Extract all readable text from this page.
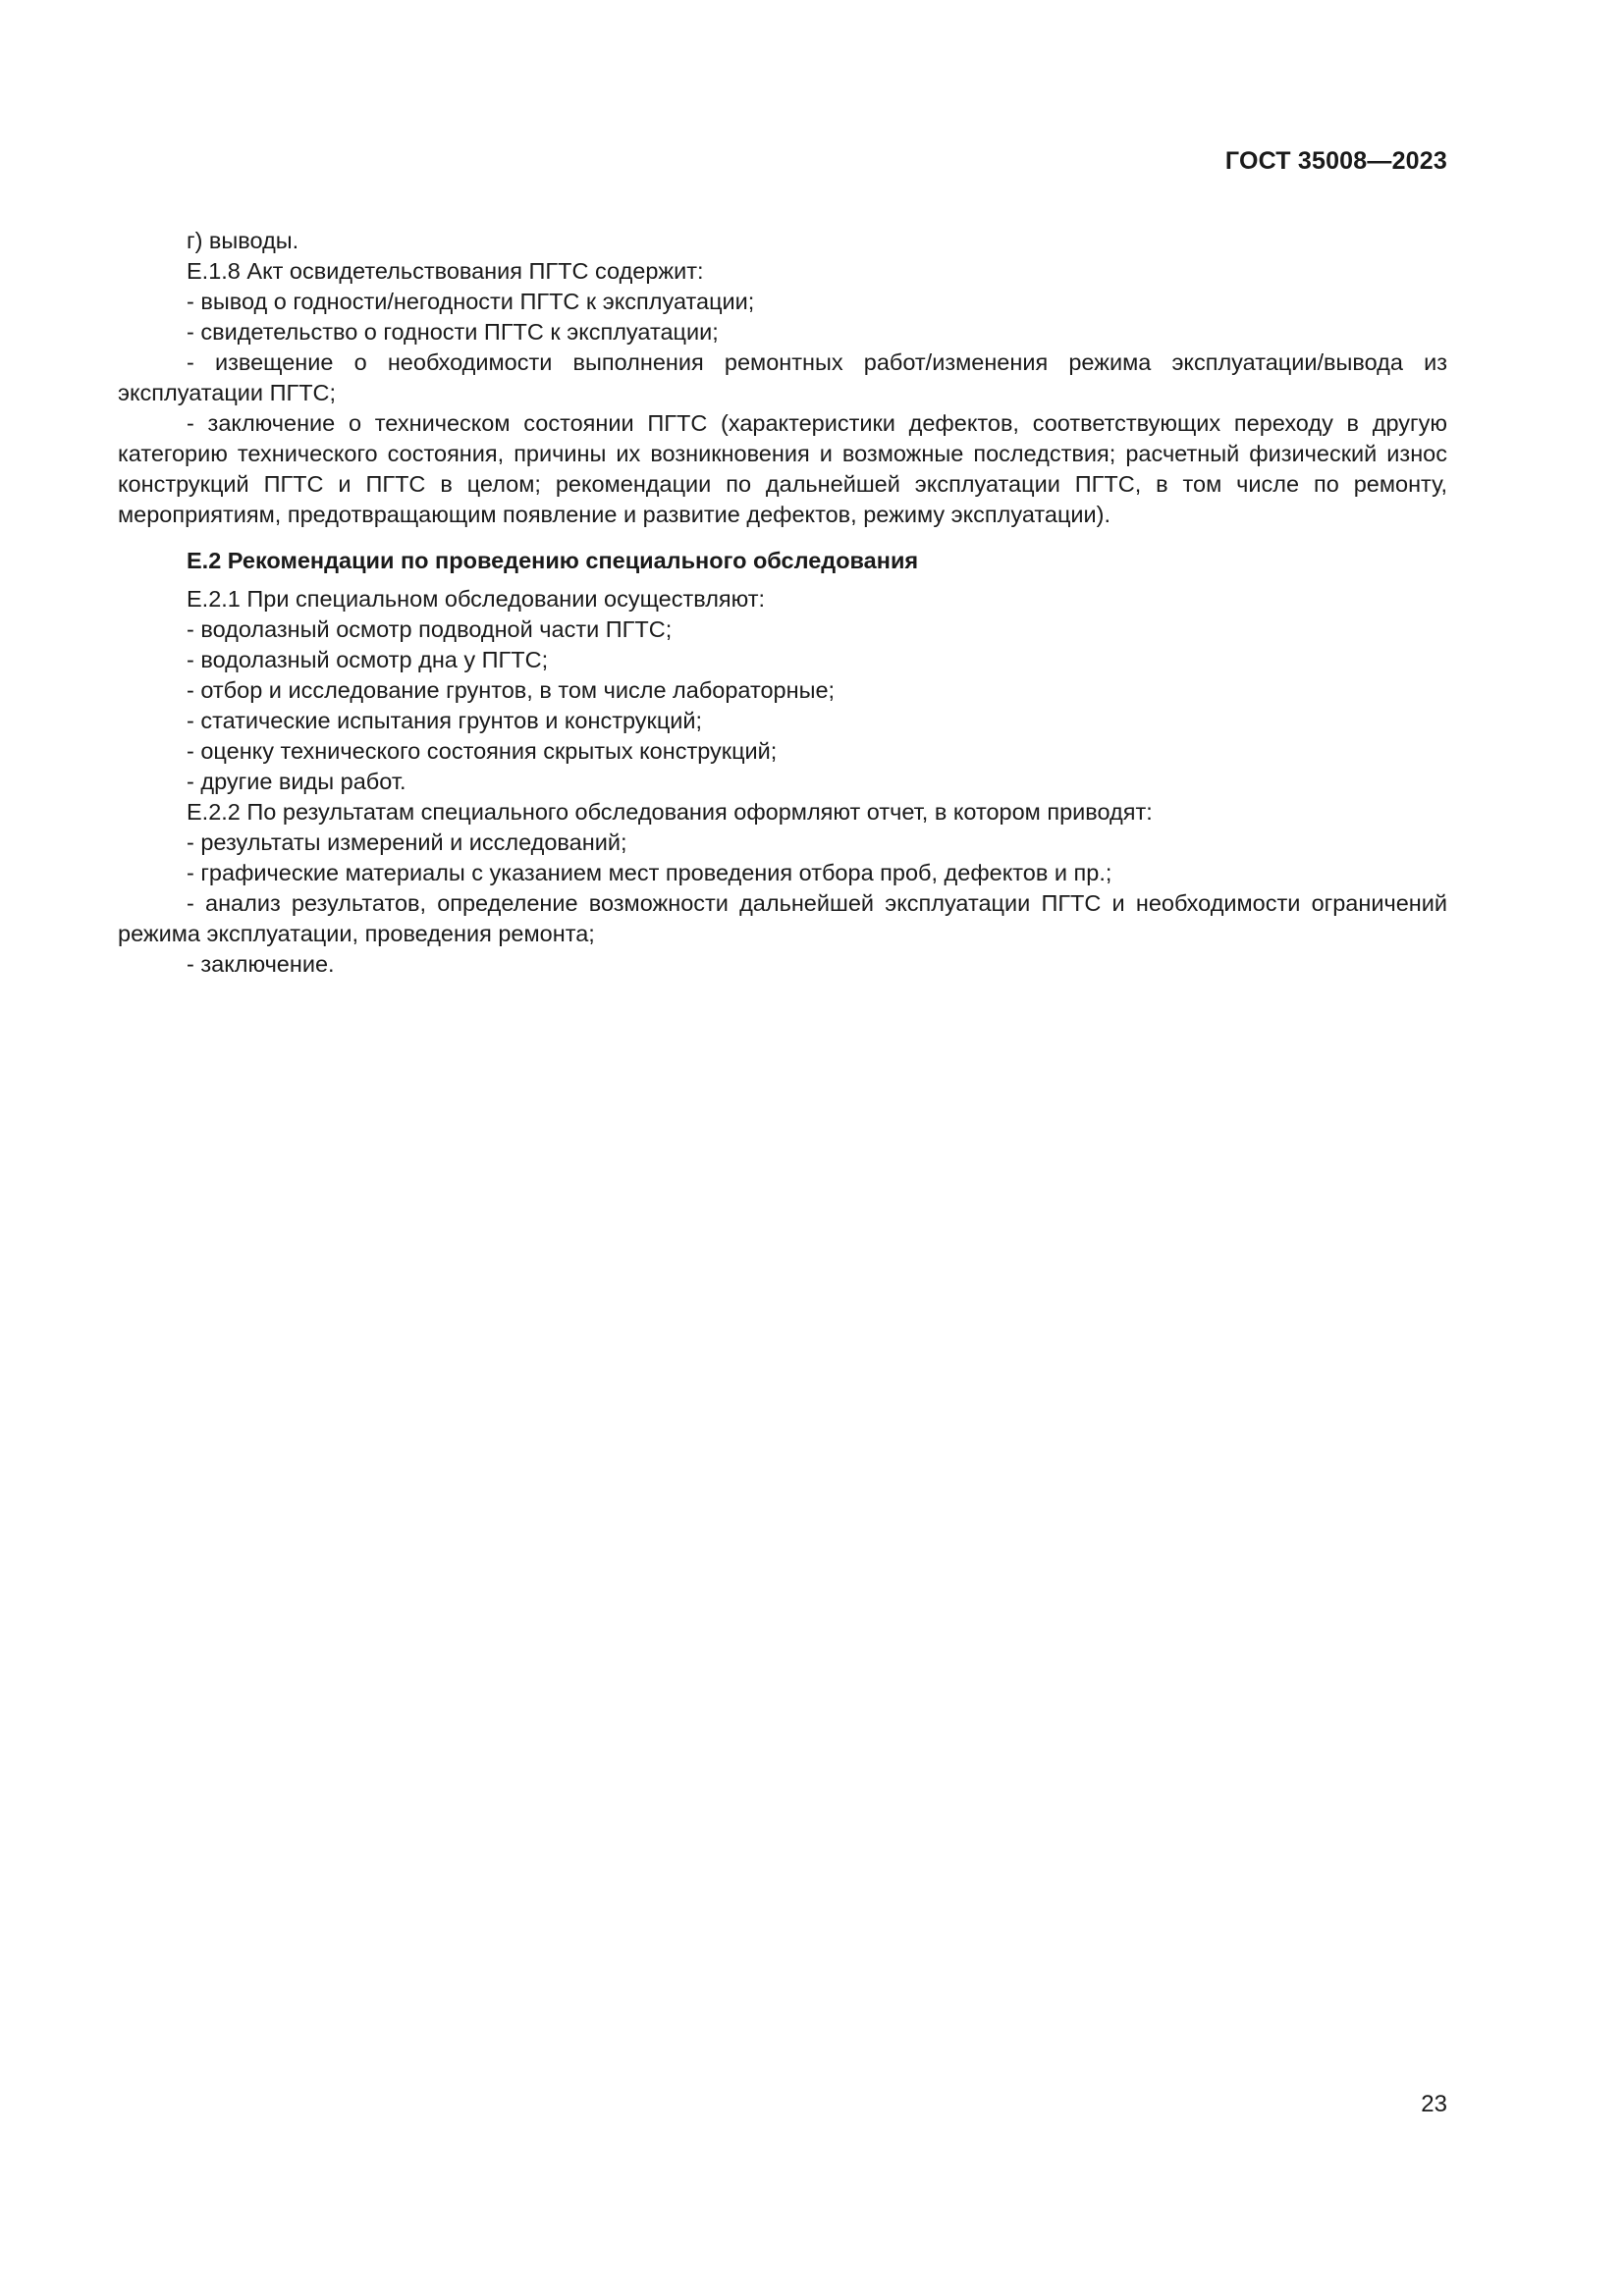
ГОСТ 35008—2023

г) выводы.

Е.1.8 Акт освидетельствования ПГТС содержит:

- вывод о годности/негодности ПГТС к эксплуатации;

- свидетельство о годности ПГТС к эксплуатации;

- извещение о необходимости выполнения ремонтных работ/изменения режима эксплуатации/вывода из эксплуатации ПГТС;

- заключение о техническом состоянии ПГТС (характеристики дефектов, соответствующих переходу в другую категорию технического состояния, причины их возникновения и возможные последствия; расчетный физический износ конструкций ПГТС и ПГТС в целом; рекомендации по дальнейшей эксплуатации ПГТС, в том числе по ремонту, мероприятиям, предотвращающим появление и развитие дефектов, режиму эксплуатации).

Е.2 Рекомендации по проведению специального обследования

Е.2.1 При специальном обследовании осуществляют:

- водолазный осмотр подводной части ПГТС;

- водолазный осмотр дна у ПГТС;

- отбор и исследование грунтов, в том числе лабораторные;

- статические испытания грунтов и конструкций;

- оценку технического состояния скрытых конструкций;

- другие виды работ.

Е.2.2 По результатам специального обследования оформляют отчет, в котором приводят:

- результаты измерений и исследований;

- графические материалы с указанием мест проведения отбора проб, дефектов и пр.;

- анализ результатов, определение возможности дальнейшей эксплуатации ПГТС и необходимости ограничений режима эксплуатации, проведения ремонта;

- заключение.

23
